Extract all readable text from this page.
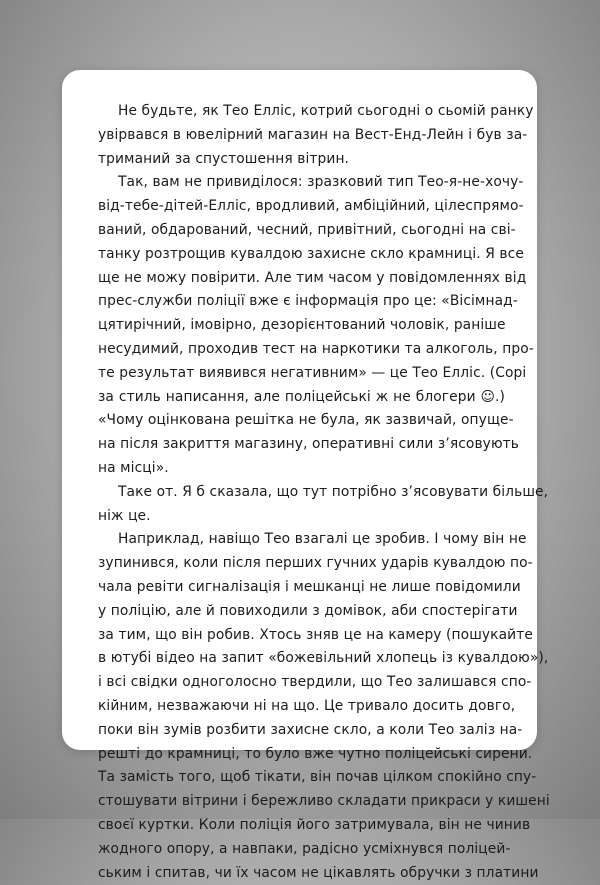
Не будьте, як Тео Елліс, котрий сьогодні о сьомій ранку
увірвався в ювелірний магазин на Вест-Енд-Лейн і був за-
триманий за спустошення вітрин.
Так, вам не привиділося: зразковий тип Тео-я-не-хочу-
від-тебе-дітей-Елліс, вродливий, амбіційний, цілеспрямо-
ваний, обдарований, чесний, привітний, сьогодні на сві-
танку розтрощив кувалдою захисне скло крамниці. Я все
ще не можу повірити. Але тим часом у повідомленнях від
прес-служби поліції вже є інформація про це: «Вісімнад-
цятирічний, імовірно, дезорієнтований чоловік, раніше
несудимий, проходив тест на наркотики та алкоголь, про-
те результат виявився негативним» — це Тео Елліс. (Сорі
за стиль написання, але поліцейські ж не блогери ☺.)
«Чому оцінкована решітка не була, як зазвичай, опуще-
на після закриття магазину, оперативні сили з’ясовують
на місці».
Таке от. Я б сказала, що тут потрібно з’ясовувати більше,
ніж це.
Наприклад, навіщо Тео взагалі це зробив. І чому він не
зупинився, коли після перших гучних ударів кувалдою по-
чала ревіти сигналізація і мешканці не лише повідомили
у поліцію, але й повиходили з домівок, аби спостерігати
за тим, що він робив. Хтось зняв це на камеру (пошукайте
в ютубі відео на запит «божевільний хлопець із кувалдою»),
і всі свідки одноголосно твердили, що Тео залишався спо-
кійним, незважаючи ні на що. Це тривало досить довго,
поки він зумів розбити захисне скло, а коли Тео заліз на-
решті до крамниці, то було вже чутно поліцейські сирени.
Та замість того, щоб тікати, він почав цілком спокійно спу-
стошувати вітрини і бережливо складати прикраси у кишені
своєї куртки. Коли поліція його затримувала, він не чинив
жодного опору, а навпаки, радісно усміхнувся поліцей-
ським і спитав, чи їх часом не цікавлять обручки з платини
